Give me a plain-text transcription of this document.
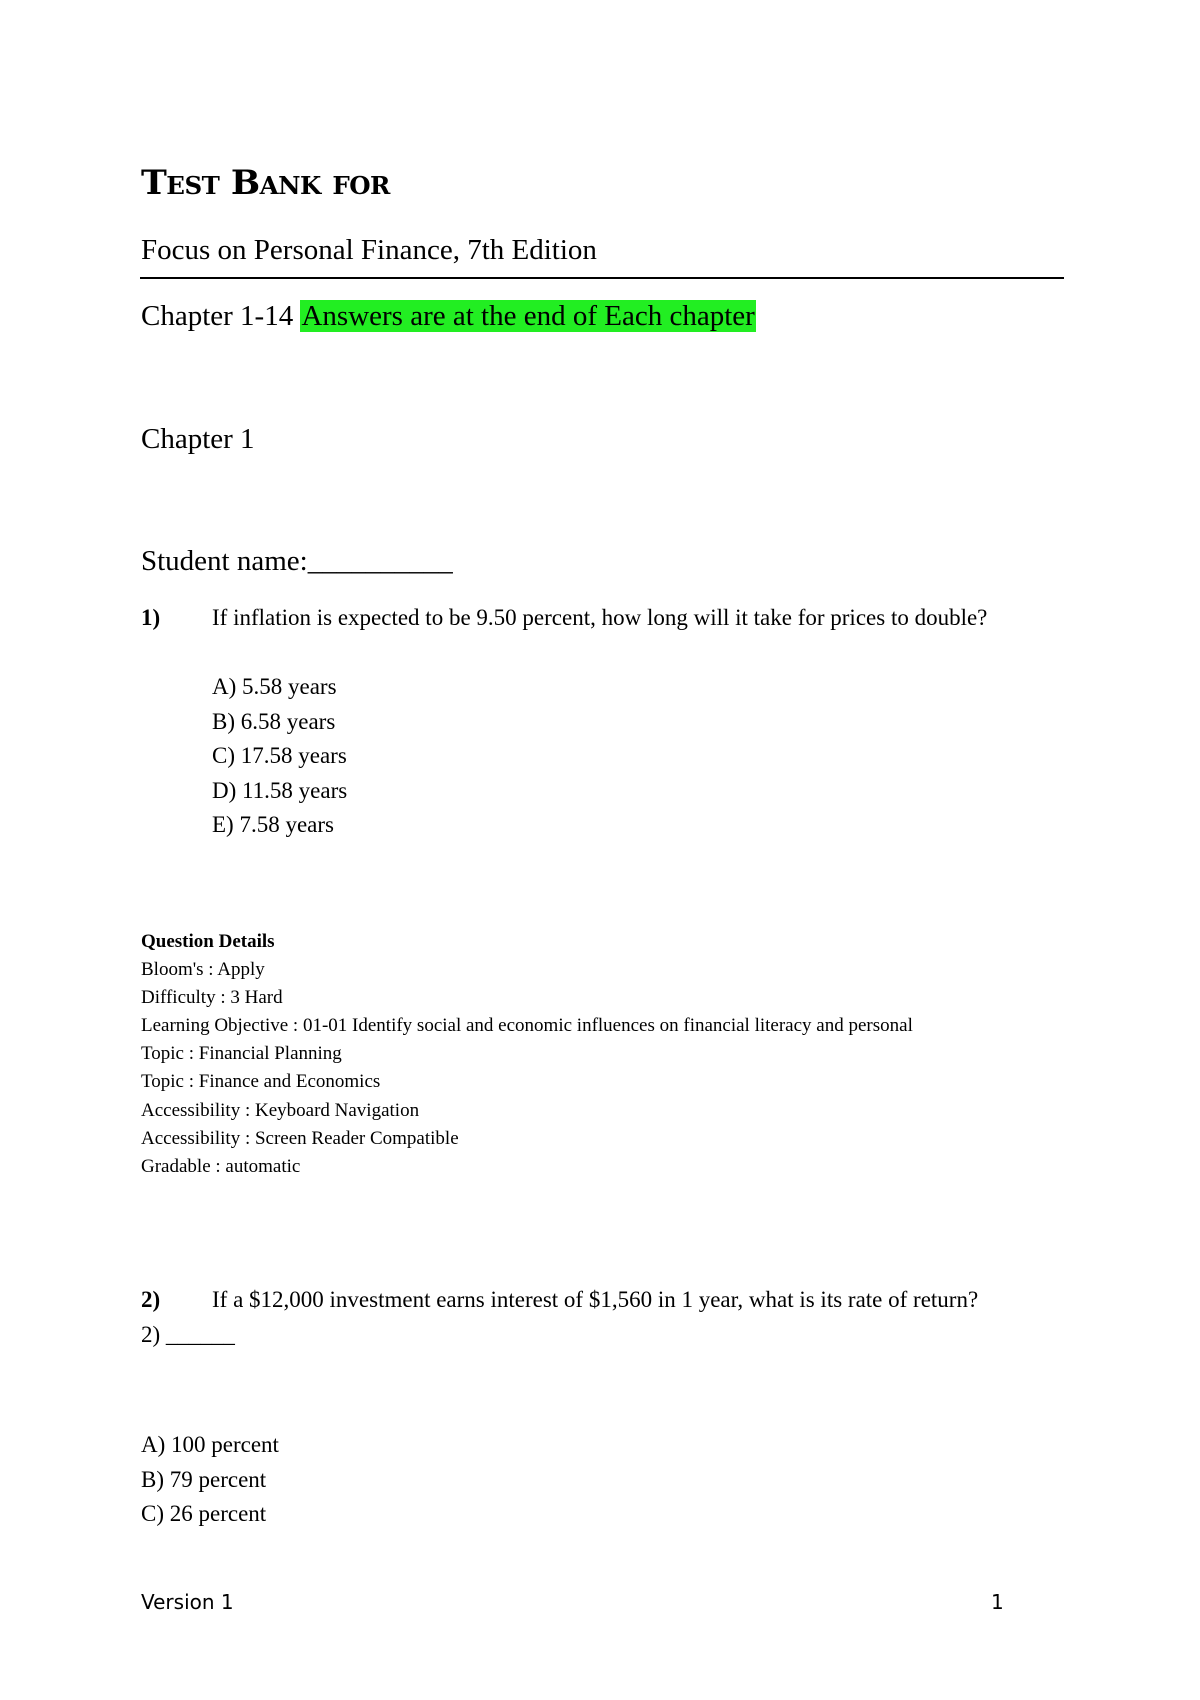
Test Bank for
Focus on Personal Finance, 7th Edition
Chapter 1-14 Answers are at the end of Each chapter
Chapter 1
Student name:__________
1) If inflation is expected to be 9.50 percent, how long will it take for prices to double?
A) 5.58 years
B) 6.58 years
C) 17.58 years
D) 11.58 years
E) 7.58 years
Question Details
Bloom's : Apply
Difficulty : 3 Hard
Learning Objective : 01-01 Identify social and economic influences on financial literacy and personal
Topic : Financial Planning
Topic : Finance and Economics
Accessibility : Keyboard Navigation
Accessibility : Screen Reader Compatible
Gradable : automatic
2) If a $12,000 investment earns interest of $1,560 in 1 year, what is its rate of return?
2) ______
A) 100 percent
B) 79 percent
C) 26 percent
Version 1	1
